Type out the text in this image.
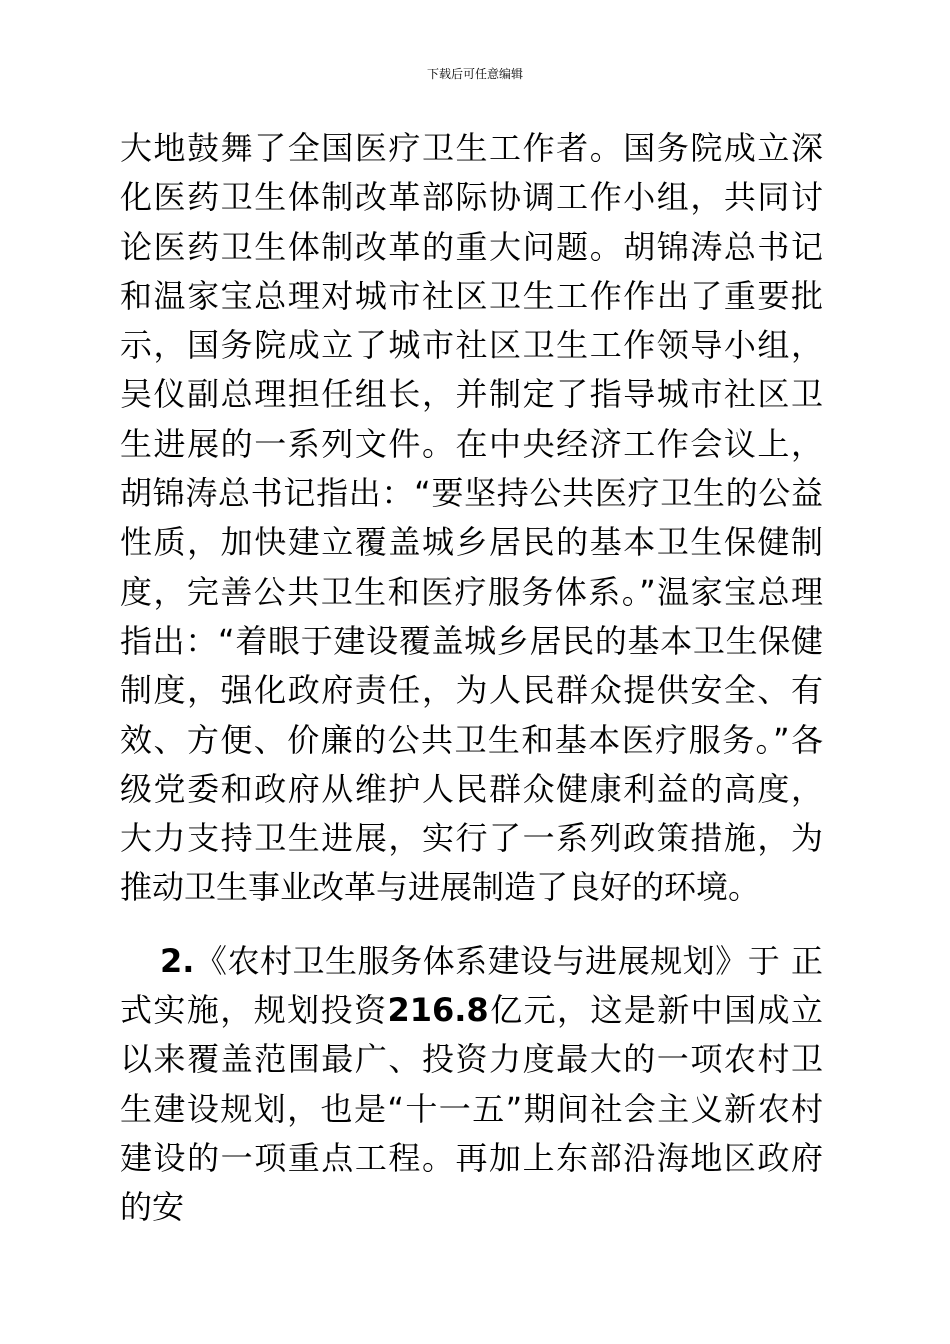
下载后可任意编辑

大地鼓舞了全国医疗卫生工作者。国务院成立深化医药卫生体制改革部际协调工作小组，共同讨论医药卫生体制改革的重大问题。胡锦涛总书记和温家宝总理对城市社区卫生工作作出了重要批示，国务院成立了城市社区卫生工作领导小组，吴仪副总理担任组长，并制定了指导城市社区卫生进展的一系列文件。在中央经济工作会议上，胡锦涛总书记指出：“要坚持公共医疗卫生的公益性质，加快建立覆盖城乡居民的基本卫生保健制度，完善公共卫生和医疗服务体系。”温家宝总理指出：“着眼于建设覆盖城乡居民的基本卫生保健制度，强化政府责任，为人民群众提供安全、有效、方便、价廉的公共卫生和基本医疗服务。”各级党委和政府从维护人民群众健康利益的高度，大力支持卫生进展，实行了一系列政策措施，为推动卫生事业改革与进展制造了良好的环境。

2.《农村卫生服务体系建设与进展规划》于 正式实施，规划投资216.8亿元，这是新中国成立以来覆盖范围最广、投资力度最大的一项农村卫生建设规划，也是“十一五”期间社会主义新农村建设的一项重点工程。再加上东部沿海地区政府的安
